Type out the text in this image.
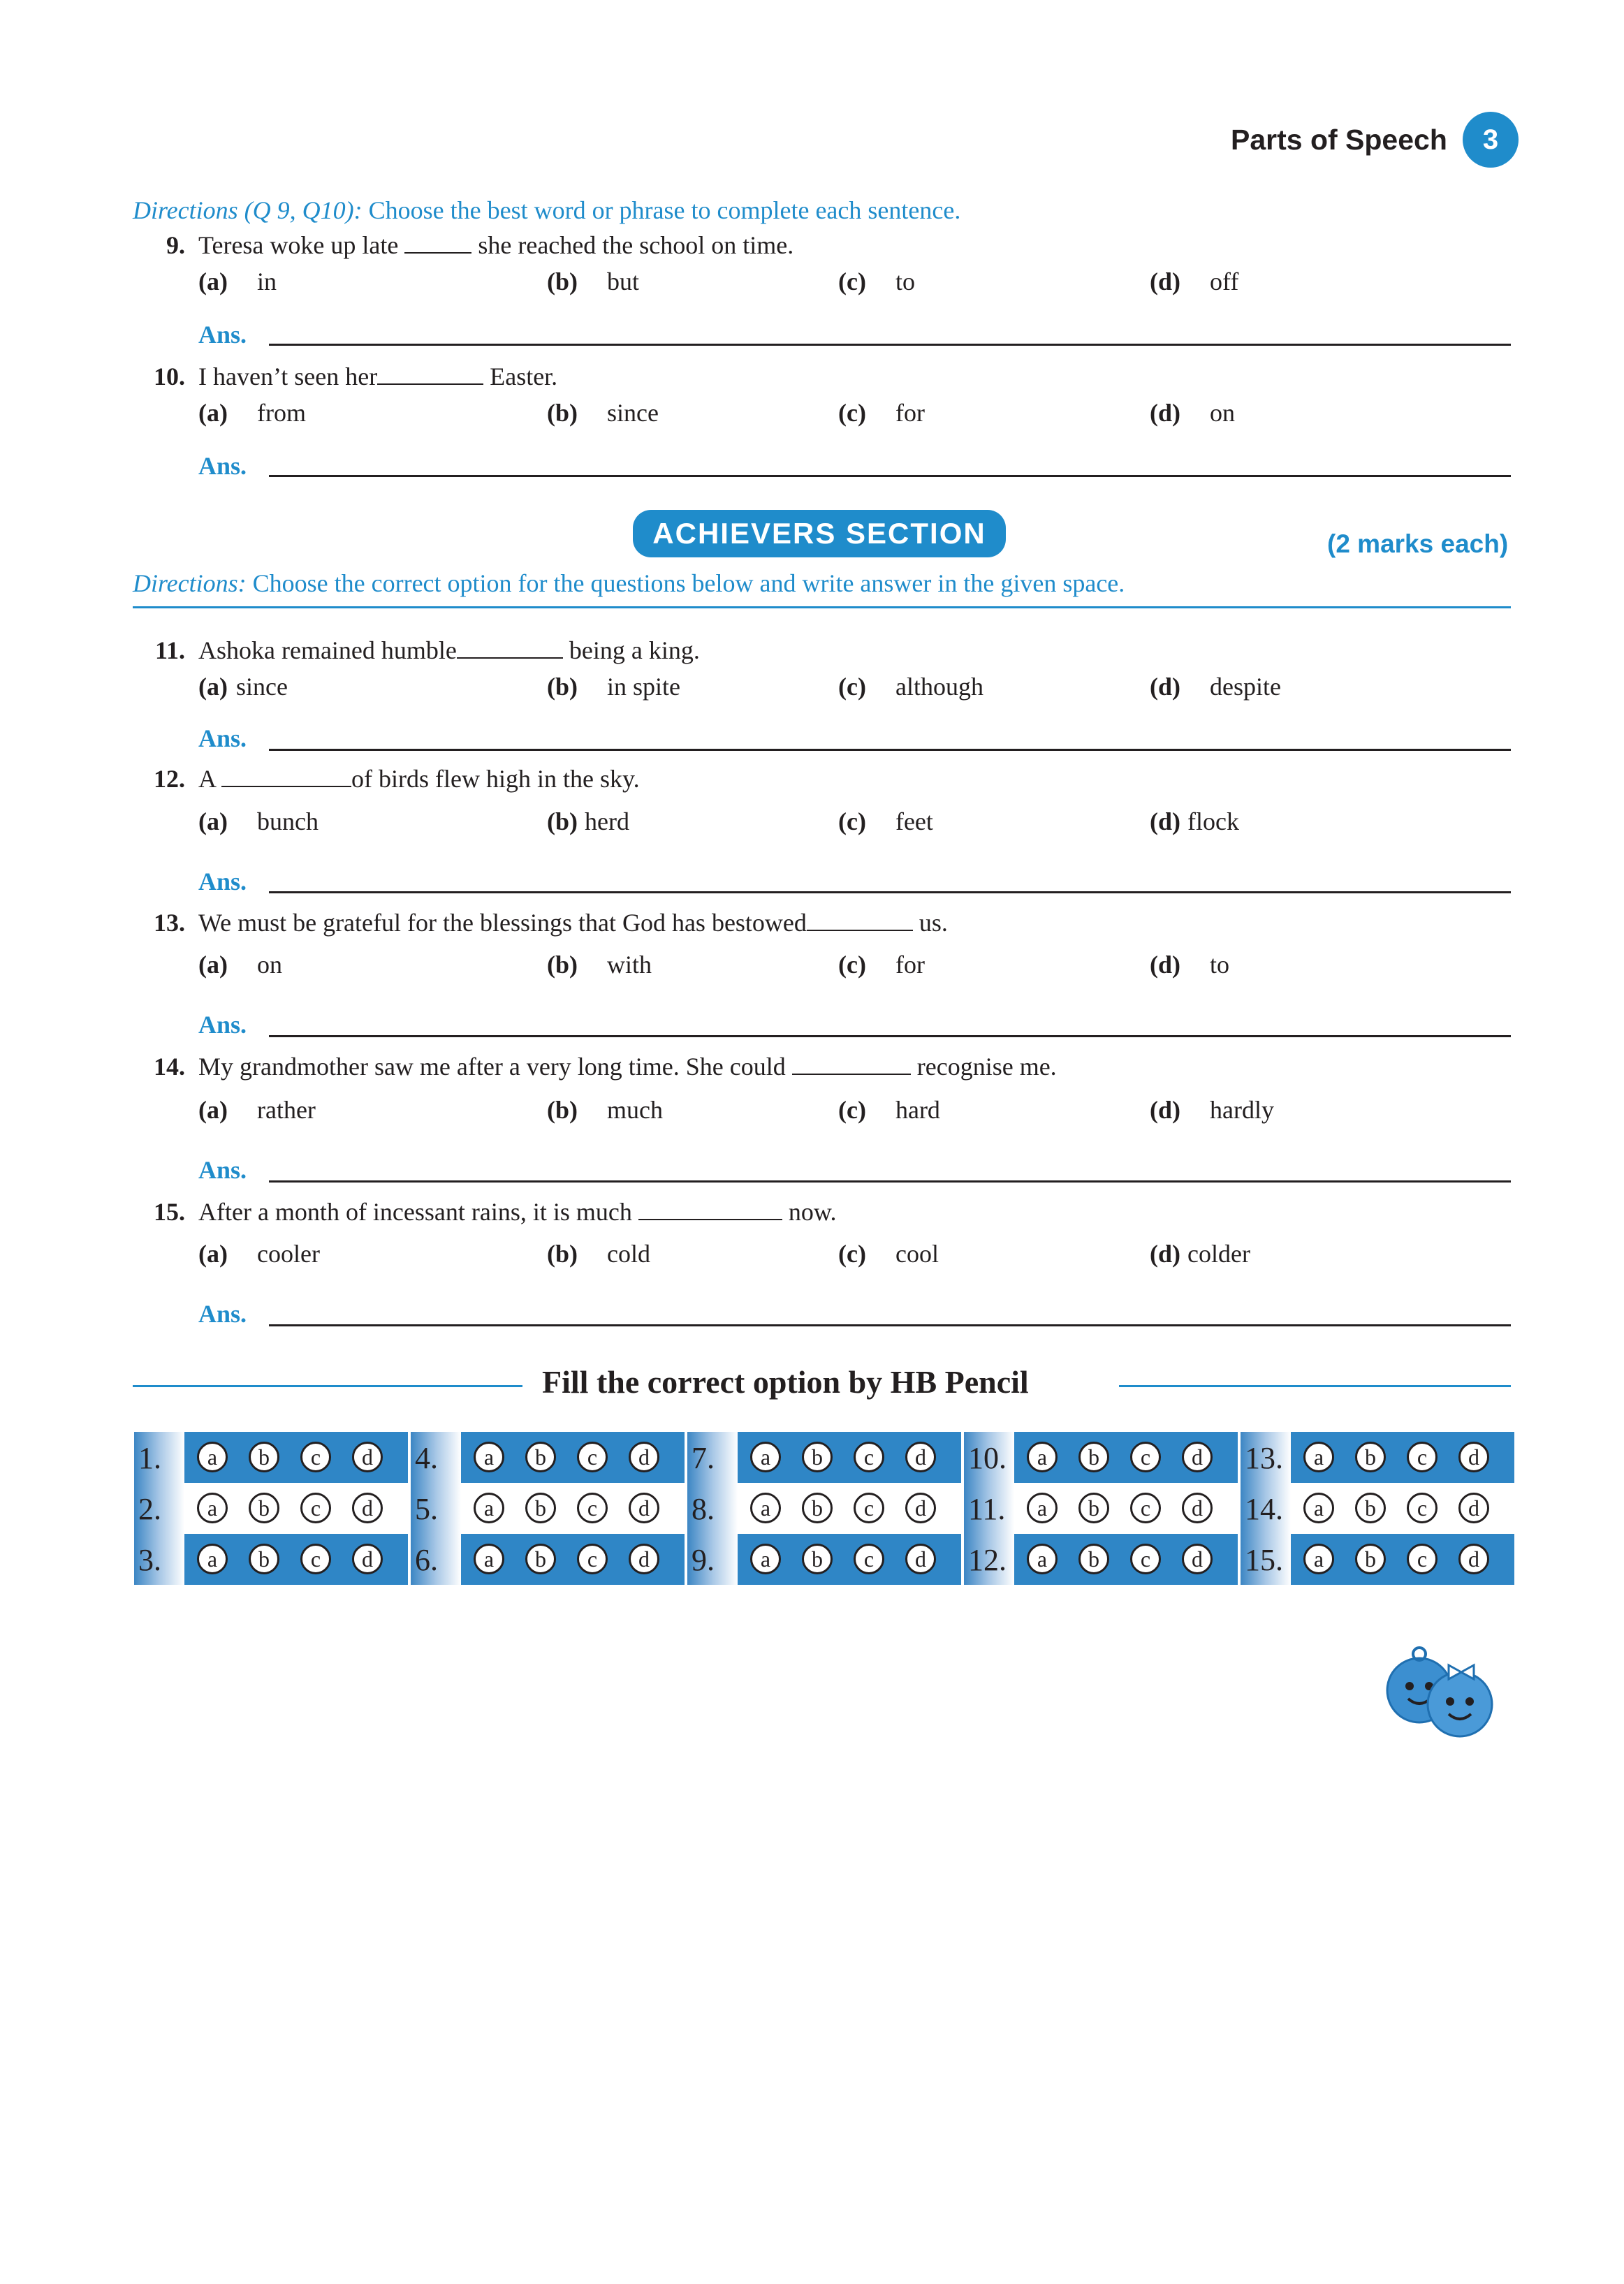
Parts of Speech	3
Directions (Q 9, Q10): Choose the best word or phrase to complete each sentence.
9. Teresa woke up late	she reached the school on time.
(a) in	(b) but	(c) to	(d) off
Ans.
10. I haven’t seen her	Easter.
(a) from	(b) since	(c) for	(d) on
Ans.
ACHIEVERS SECTION	(2 marks each)
Directions: Choose the correct option for the questions below and write answer in the given space.
11. Ashoka remained humble	being a king.
(a) since	(b) in spite	(c) although	(d) despite
Ans.
12. A	of birds flew high in the sky.
(a) bunch	(b) herd	(c) feet	(d) flock
Ans.
13. We must be grateful for the blessings that God has bestowed	us.
(a) on	(b) with	(c) for	(d) to
Ans.
14. My grandmother saw me after a very long time. She could	recognise me.
(a) rather	(b) much	(c) hard	(d) hardly
Ans.
15. After a month of incessant rains, it is much	now.
(a) cooler	(b) cold	(c) cool	(d) colder
Ans.
Fill the correct option by HB Pencil
1.	a	b	c	d
2.	a	b	c	d
3.	a	b	c	d
4.	a	b	c	d
5.	a	b	c	d
6.	a	b	c	d
7.	a	b	c	d
8.	a	b	c	d
9.	a	b	c	d
10.	a	b	c	d
11.	a	b	c	d
12.	a	b	c	d
13.	a	b	c	d
14.	a	b	c	d
15.	a	b	c	d
